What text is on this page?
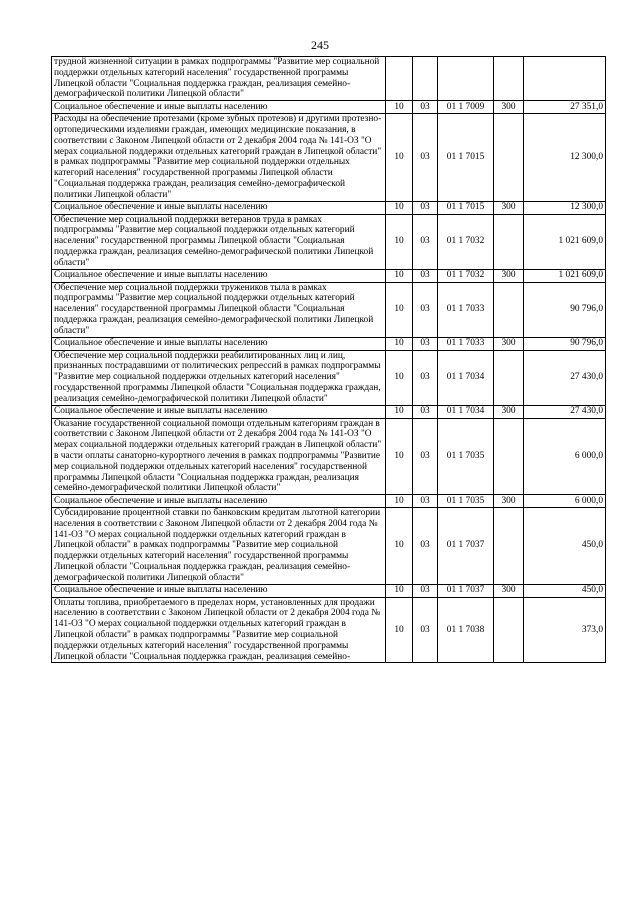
245
трудной жизненной ситуации в рамках подпрограммы "Развитие мер социальной поддержки отдельных категорий населения" государственной программы Липецкой области "Социальная поддержка граждан, реализация семейно-демографической политики Липецкой области"					
Социальное обеспечение и иные выплаты населению	10	03	01 1 7009	300	27 351,0
Расходы на обеспечение протезами (кроме зубных протезов) и другими протезно-ортопедическими изделиями граждан, имеющих медицинские показания, в соответствии с Законом Липецкой области от 2 декабря 2004 года № 141-ОЗ "О мерах социальной поддержки отдельных категорий граждан в Липецкой области" в рамках подпрограммы "Развитие мер социальной поддержки отдельных категорий населения" государственной программы Липецкой области "Социальная поддержка граждан, реализация семейно-демографической политики Липецкой области"	10	03	01 1 7015		12 300,0
Социальное обеспечение и иные выплаты населению	10	03	01 1 7015	300	12 300,0
Обеспечение мер социальной поддержки ветеранов труда в рамках подпрограммы "Развитие мер социальной поддержки отдельных категорий населения" государственной программы Липецкой области "Социальная поддержка граждан, реализация семейно-демографической политики Липецкой области"	10	03	01 1 7032		1 021 609,0
Социальное обеспечение и иные выплаты населению	10	03	01 1 7032	300	1 021 609,0
Обеспечение мер социальной поддержки тружеников тыла в рамках подпрограммы "Развитие мер социальной поддержки отдельных категорий населения" государственной программы Липецкой области "Социальная поддержка граждан, реализация семейно-демографической политики Липецкой области"	10	03	01 1 7033		90 796,0
Социальное обеспечение и иные выплаты населению	10	03	01 1 7033	300	90 796,0
Обеспечение мер социальной поддержки реабилитированных лиц и лиц, признанных пострадавшими от политических репрессий в рамках подпрограммы "Развитие мер социальной поддержки отдельных категорий населения" государственной программы Липецкой области "Социальная поддержка граждан, реализация семейно-демографической политики Липецкой области"	10	03	01 1 7034		27 430,0
Социальное обеспечение и иные выплаты населению	10	03	01 1 7034	300	27 430,0
Оказание государственной социальной помощи отдельным категориям граждан в соответствии с Законом Липецкой области от 2 декабря 2004 года № 141-ОЗ "О мерах социальной поддержки отдельных категорий граждан в Липецкой области" в части оплаты санаторно-курортного лечения в рамках подпрограммы "Развитие мер социальной поддержки отдельных категорий населения" государственной программы Липецкой области "Социальная поддержка граждан, реализация семейно-демографической политики Липецкой области"	10	03	01 1 7035		6 000,0
Социальное обеспечение и иные выплаты населению	10	03	01 1 7035	300	6 000,0
Субсидирование процентной ставки по банковским кредитам льготной категории населения в соответствии с Законом Липецкой области от 2 декабря 2004 года № 141-ОЗ "О мерах социальной поддержки отдельных категорий граждан в Липецкой области" в рамках подпрограммы "Развитие мер социальной поддержки отдельных категорий населения" государственной программы Липецкой области "Социальная поддержка граждан, реализация семейно-демографической политики Липецкой области"	10	03	01 1 7037		450,0
Социальное обеспечение и иные выплаты населению	10	03	01 1 7037	300	450,0
Оплаты топлива, приобретаемого в пределах норм, установленных для продажи населению в соответствии с Законом Липецкой области от 2 декабря 2004 года № 141-ОЗ "О мерах социальной поддержки отдельных категорий граждан в Липецкой области" в рамках подпрограммы "Развитие мер социальной поддержки отдельных категорий населения" государственной программы Липецкой области "Социальная поддержка граждан, реализация семейно-	10	03	01 1 7038		373,0
